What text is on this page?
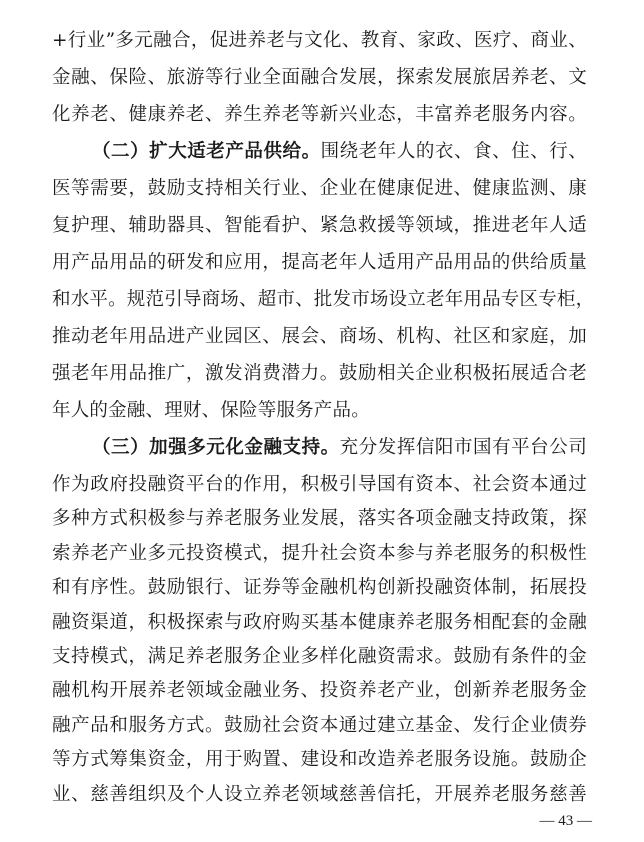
+行业”多元融合，促进养老与文化、教育、家政、医疗、商业、
金融、保险、旅游等行业全面融合发展，探索发展旅居养老、文
化养老、健康养老、养生养老等新兴业态，丰富养老服务内容。
（二）扩大适老产品供给。围绕老年人的衣、食、住、行、
医等需要，鼓励支持相关行业、企业在健康促进、健康监测、康
复护理、辅助器具、智能看护、紧急救援等领域，推进老年人适
用产品用品的研发和应用，提高老年人适用产品用品的供给质量
和水平。规范引导商场、超市、批发市场设立老年用品专区专柜，
推动老年用品进产业园区、展会、商场、机构、社区和家庭，加
强老年用品推广，激发消费潜力。鼓励相关企业积极拓展适合老
年人的金融、理财、保险等服务产品。
（三）加强多元化金融支持。充分发挥信阳市国有平台公司
作为政府投融资平台的作用，积极引导国有资本、社会资本通过
多种方式积极参与养老服务业发展，落实各项金融支持政策，探
索养老产业多元投资模式，提升社会资本参与养老服务的积极性
和有序性。鼓励银行、证券等金融机构创新投融资体制，拓展投
融资渠道，积极探索与政府购买基本健康养老服务相配套的金融
支持模式，满足养老服务企业多样化融资需求。鼓励有条件的金
融机构开展养老领域金融业务、投资养老产业，创新养老服务金
融产品和服务方式。鼓励社会资本通过建立基金、发行企业债券
等方式筹集资金，用于购置、建设和改造养老服务设施。鼓励企
— 43 —
业、慈善组织及个人设立养老领域慈善信托，开展养老服务慈善
